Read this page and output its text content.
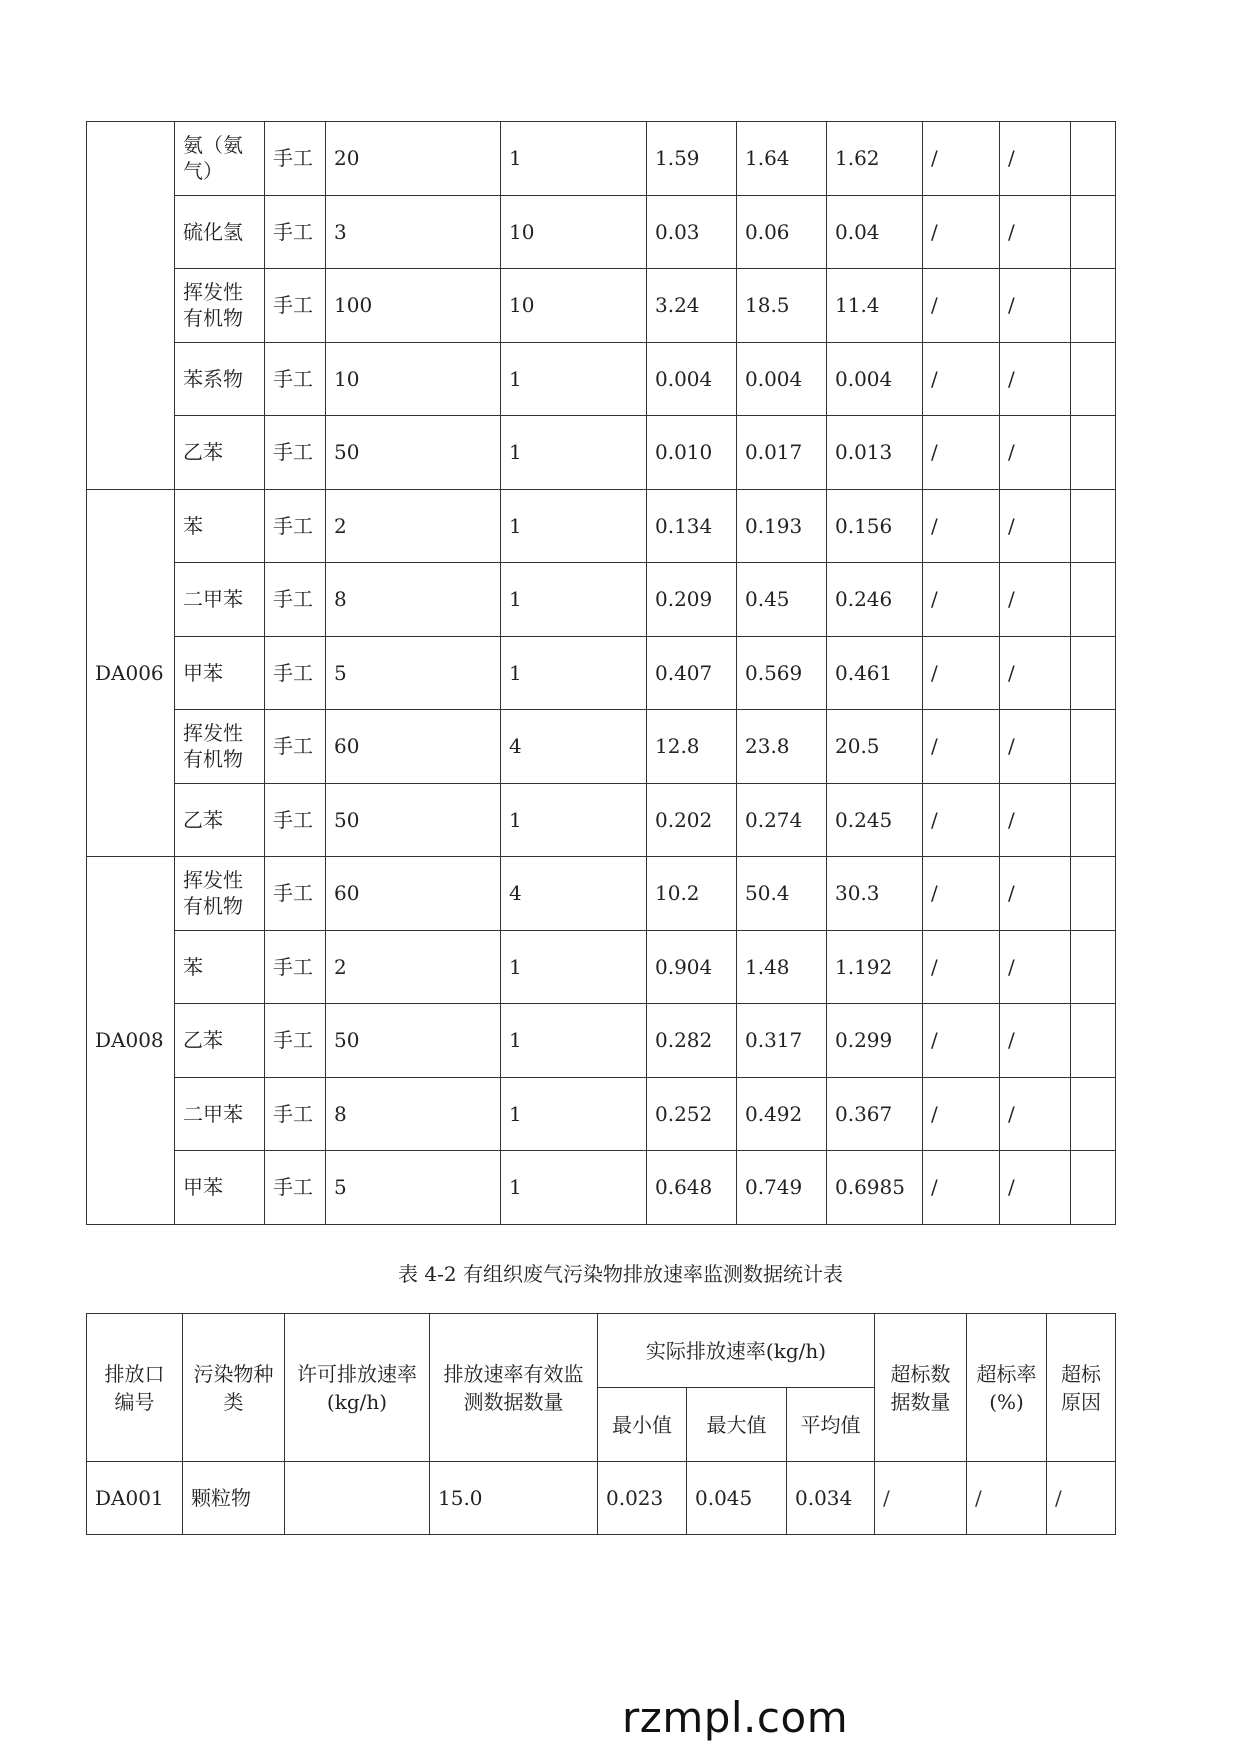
	氨（氨气）	手工	20	1	1.59	1.64	1.62	/	/	
	硫化氢	手工	3	10	0.03	0.06	0.04	/	/	
	挥发性有机物	手工	100	10	3.24	18.5	11.4	/	/	
	苯系物	手工	10	1	0.004	0.004	0.004	/	/	
	乙苯	手工	50	1	0.010	0.017	0.013	/	/	
DA006	苯	手工	2	1	0.134	0.193	0.156	/	/	
	二甲苯	手工	8	1	0.209	0.45	0.246	/	/	
	甲苯	手工	5	1	0.407	0.569	0.461	/	/	
	挥发性有机物	手工	60	4	12.8	23.8	20.5	/	/	
	乙苯	手工	50	1	0.202	0.274	0.245	/	/	
DA008	挥发性有机物	手工	60	4	10.2	50.4	30.3	/	/	
	苯	手工	2	1	0.904	1.48	1.192	/	/	
	乙苯	手工	50	1	0.282	0.317	0.299	/	/	
	二甲苯	手工	8	1	0.252	0.492	0.367	/	/	
	甲苯	手工	5	1	0.648	0.749	0.6985	/	/	
表 4-2 有组织废气污染物排放速率监测数据统计表
排放口编号	污染物种类	许可排放速率(kg/h)	排放速率有效监测数据数量	实际排放速率(kg/h)			超标数据数量	超标率(%)	超标原因
				最小值	最大值	平均值			
DA001	颗粒物		15.0	0.023	0.045	0.034	/	/	/
rzmpl.com
